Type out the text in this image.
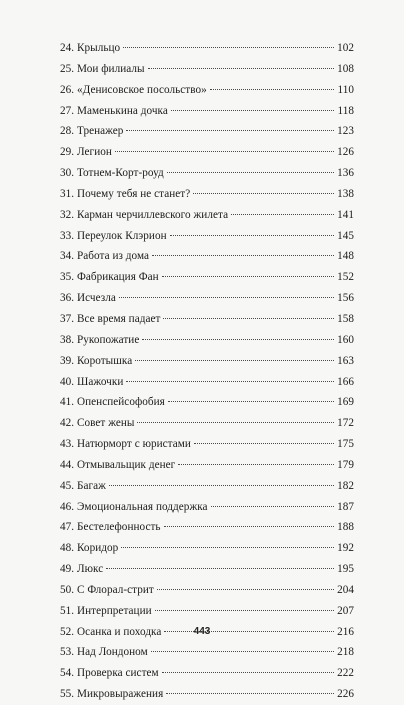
24. Крыльцо	102
25. Мои филиалы	108
26. «Денисовское посольство»	110
27. Маменькина дочка	118
28. Тренажер	123
29. Легион	126
30. Тотнем-Корт-роуд	136
31. Почему тебя не станет?	138
32. Карман черчиллевского жилета	141
33. Переулок Клэрион	145
34. Работа из дома	148
35. Фабрикация Фан	152
36. Исчезла	156
37. Все время падает	158
38. Рукопожатие	160
39. Коротышка	163
40. Шажочки	166
41. Опенспейсофобия	169
42. Совет жены	172
43. Натюрморт с юристами	175
44. Отмывальщик денег	179
45. Багаж	182
46. Эмоциональная поддержка	187
47. Бестелефонность	188
48. Коридор	192
49. Люкс	195
50. С Флорал-стрит	204
51. Интерпретации	207
52. Осанка и походка	216
53. Над Лондоном	218
54. Проверка систем	222
55. Микровыражения	226
443
